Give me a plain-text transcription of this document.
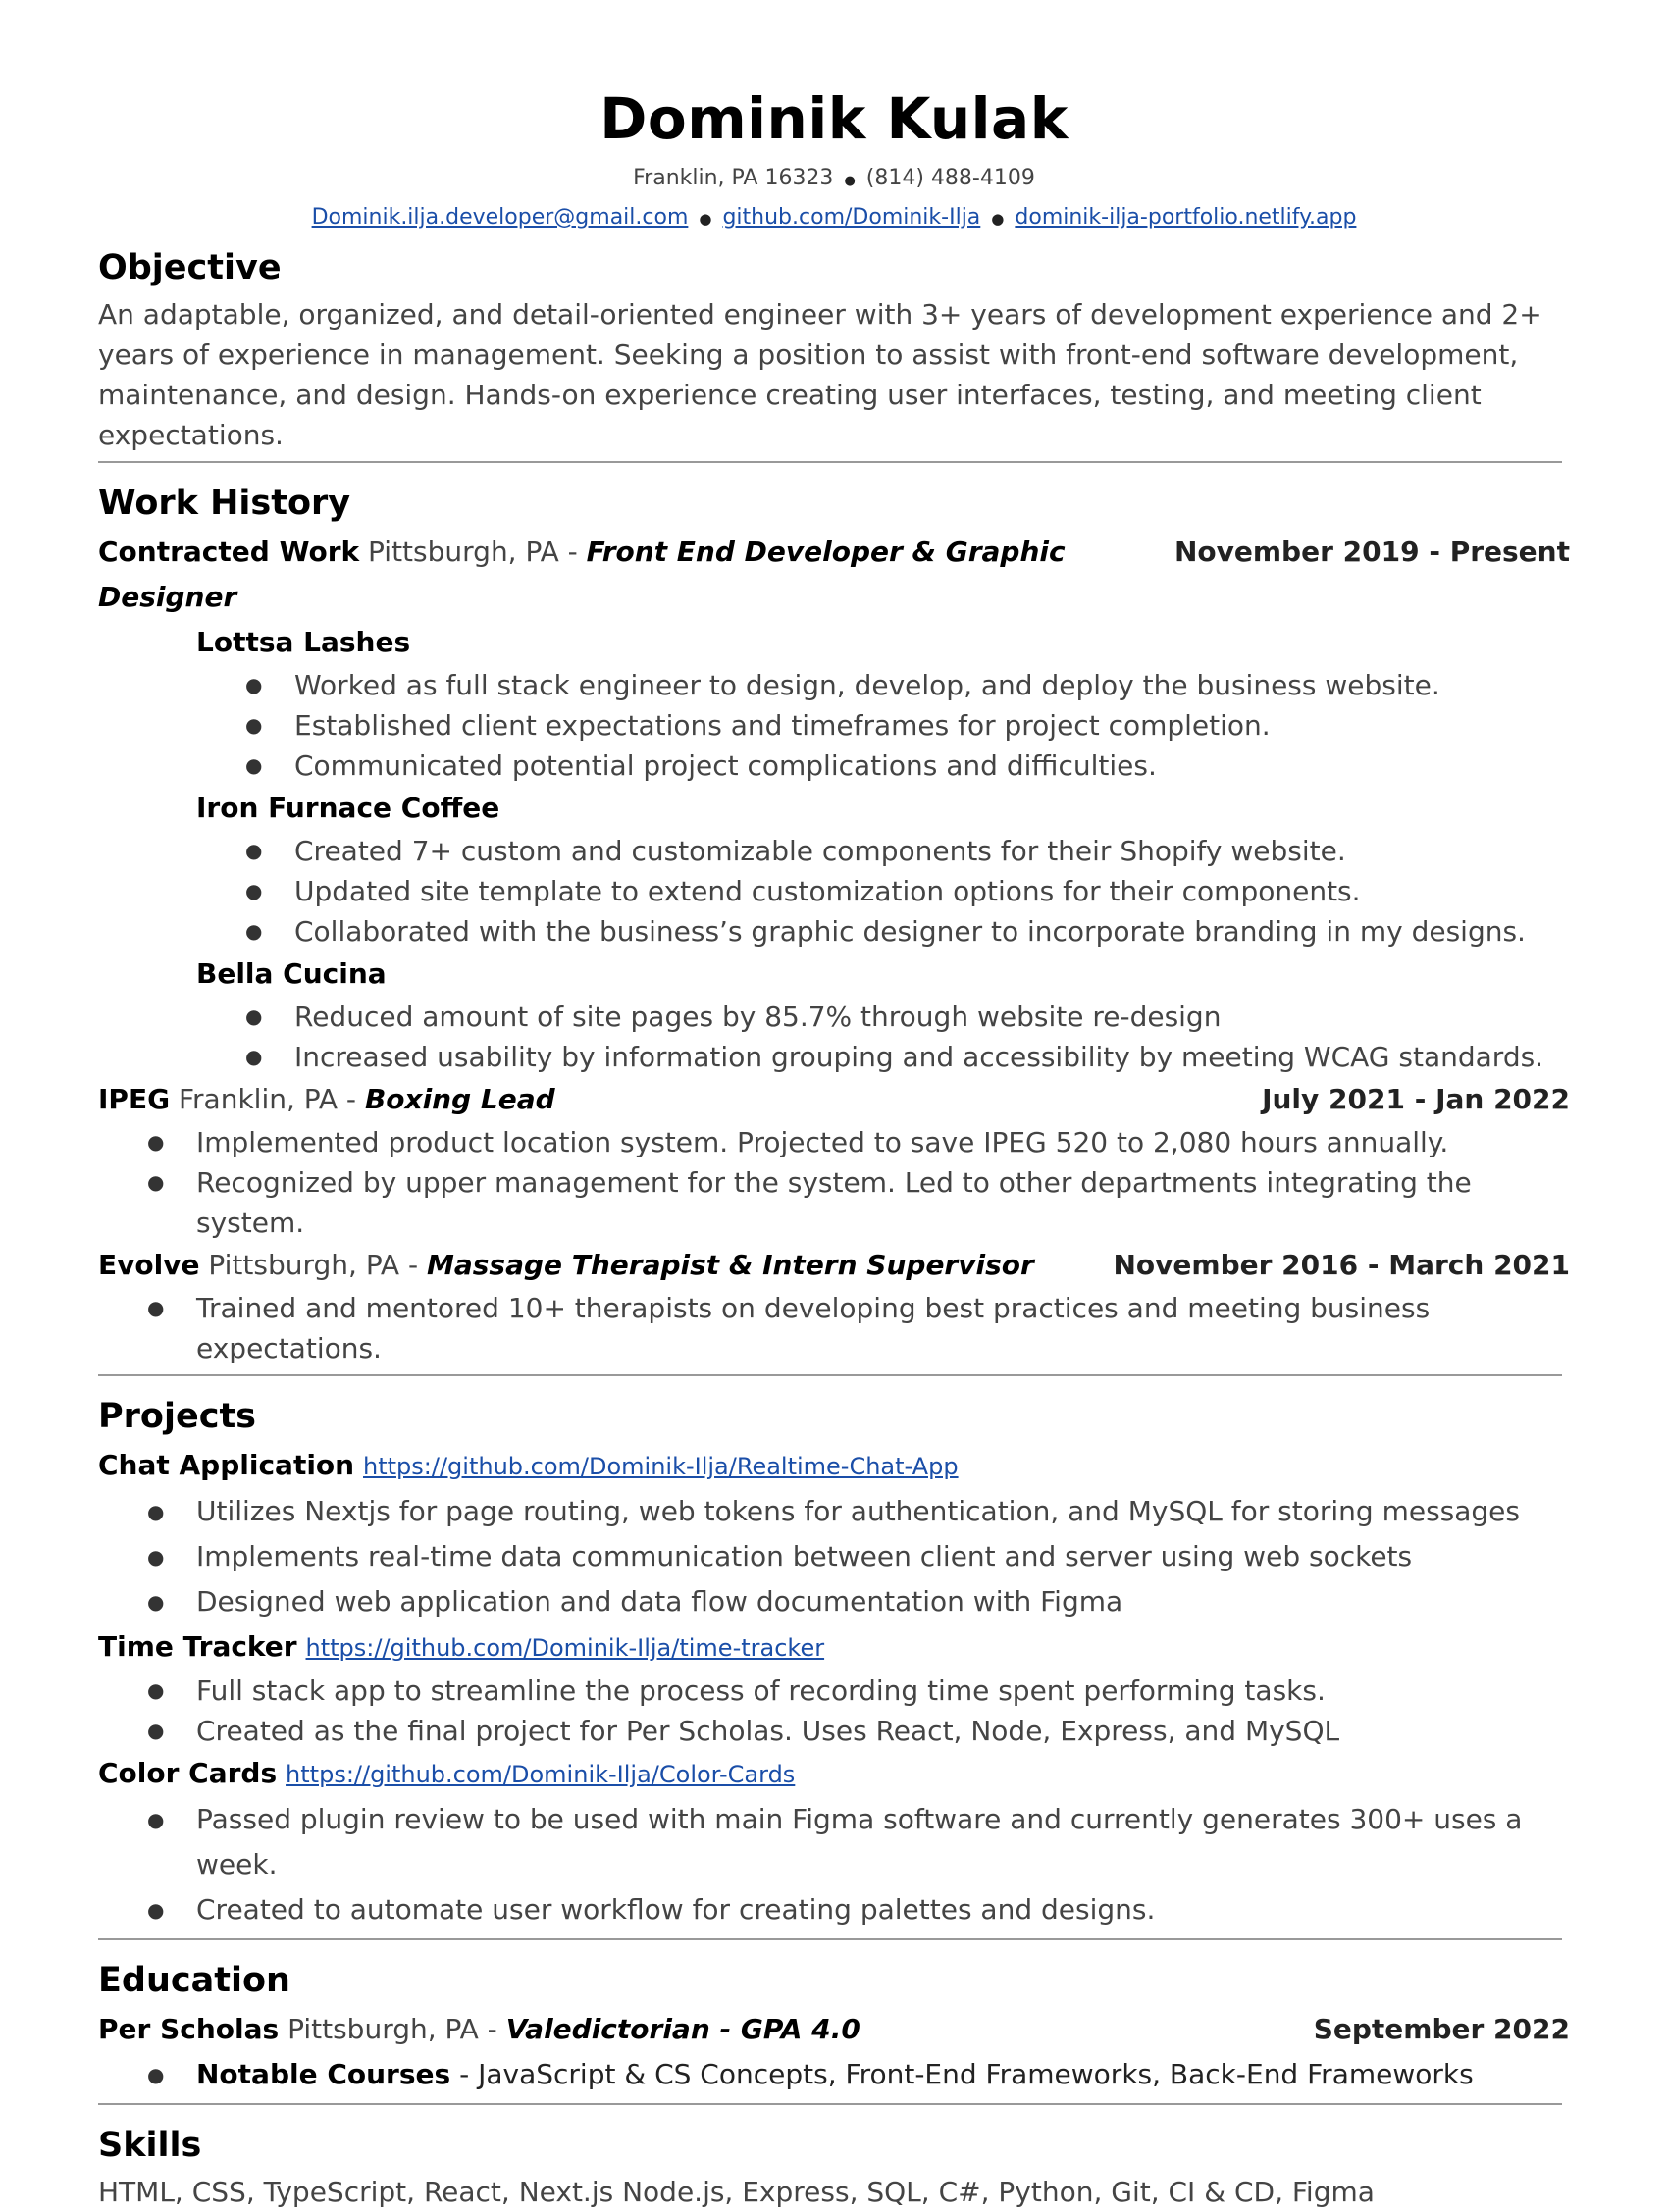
Dominik Kulak
Franklin, PA 16323 ● (814) 488-4109
Dominik.ilja.developer@gmail.com ● github.com/Dominik-Ilja ● dominik-ilja-portfolio.netlify.app
Objective
An adaptable, organized, and detail-oriented engineer with 3+ years of development experience and 2+ years of experience in management. Seeking a position to assist with front-end software development, maintenance, and design. Hands-on experience creating user interfaces, testing, and meeting client expectations.
Work History
Contracted Work Pittsburgh, PA - Front End Developer & Graphic Designer
November 2019 - Present
Lottsa Lashes
● Worked as full stack engineer to design, develop, and deploy the business website.
● Established client expectations and timeframes for project completion.
● Communicated potential project complications and difficulties.
Iron Furnace Coffee
● Created 7+ custom and customizable components for their Shopify website.
● Updated site template to extend customization options for their components.
● Collaborated with the business’s graphic designer to incorporate branding in my designs.
Bella Cucina
● Reduced amount of site pages by 85.7% through website re-design
● Increased usability by information grouping and accessibility by meeting WCAG standards.
IPEG Franklin, PA - Boxing Lead	July 2021 - Jan 2022
● Implemented product location system. Projected to save IPEG 520 to 2,080 hours annually.
● Recognized by upper management for the system. Led to other departments integrating the system.
Evolve Pittsburgh, PA - Massage Therapist & Intern Supervisor	November 2016 - March 2021
● Trained and mentored 10+ therapists on developing best practices and meeting business expectations.
Projects
Chat Application https://github.com/Dominik-Ilja/Realtime-Chat-App
● Utilizes Nextjs for page routing, web tokens for authentication, and MySQL for storing messages
● Implements real-time data communication between client and server using web sockets
● Designed web application and data flow documentation with Figma
Time Tracker https://github.com/Dominik-Ilja/time-tracker
● Full stack app to streamline the process of recording time spent performing tasks.
● Created as the final project for Per Scholas. Uses React, Node, Express, and MySQL
Color Cards https://github.com/Dominik-Ilja/Color-Cards
● Passed plugin review to be used with main Figma software and currently generates 300+ uses a week.
● Created to automate user workflow for creating palettes and designs.
Education
Per Scholas Pittsburgh, PA - Valedictorian - GPA 4.0	September 2022
● Notable Courses - JavaScript & CS Concepts, Front-End Frameworks, Back-End Frameworks
Skills
HTML, CSS, TypeScript, React, Next.js Node.js, Express, SQL, C#, Python, Git, CI & CD, Figma
